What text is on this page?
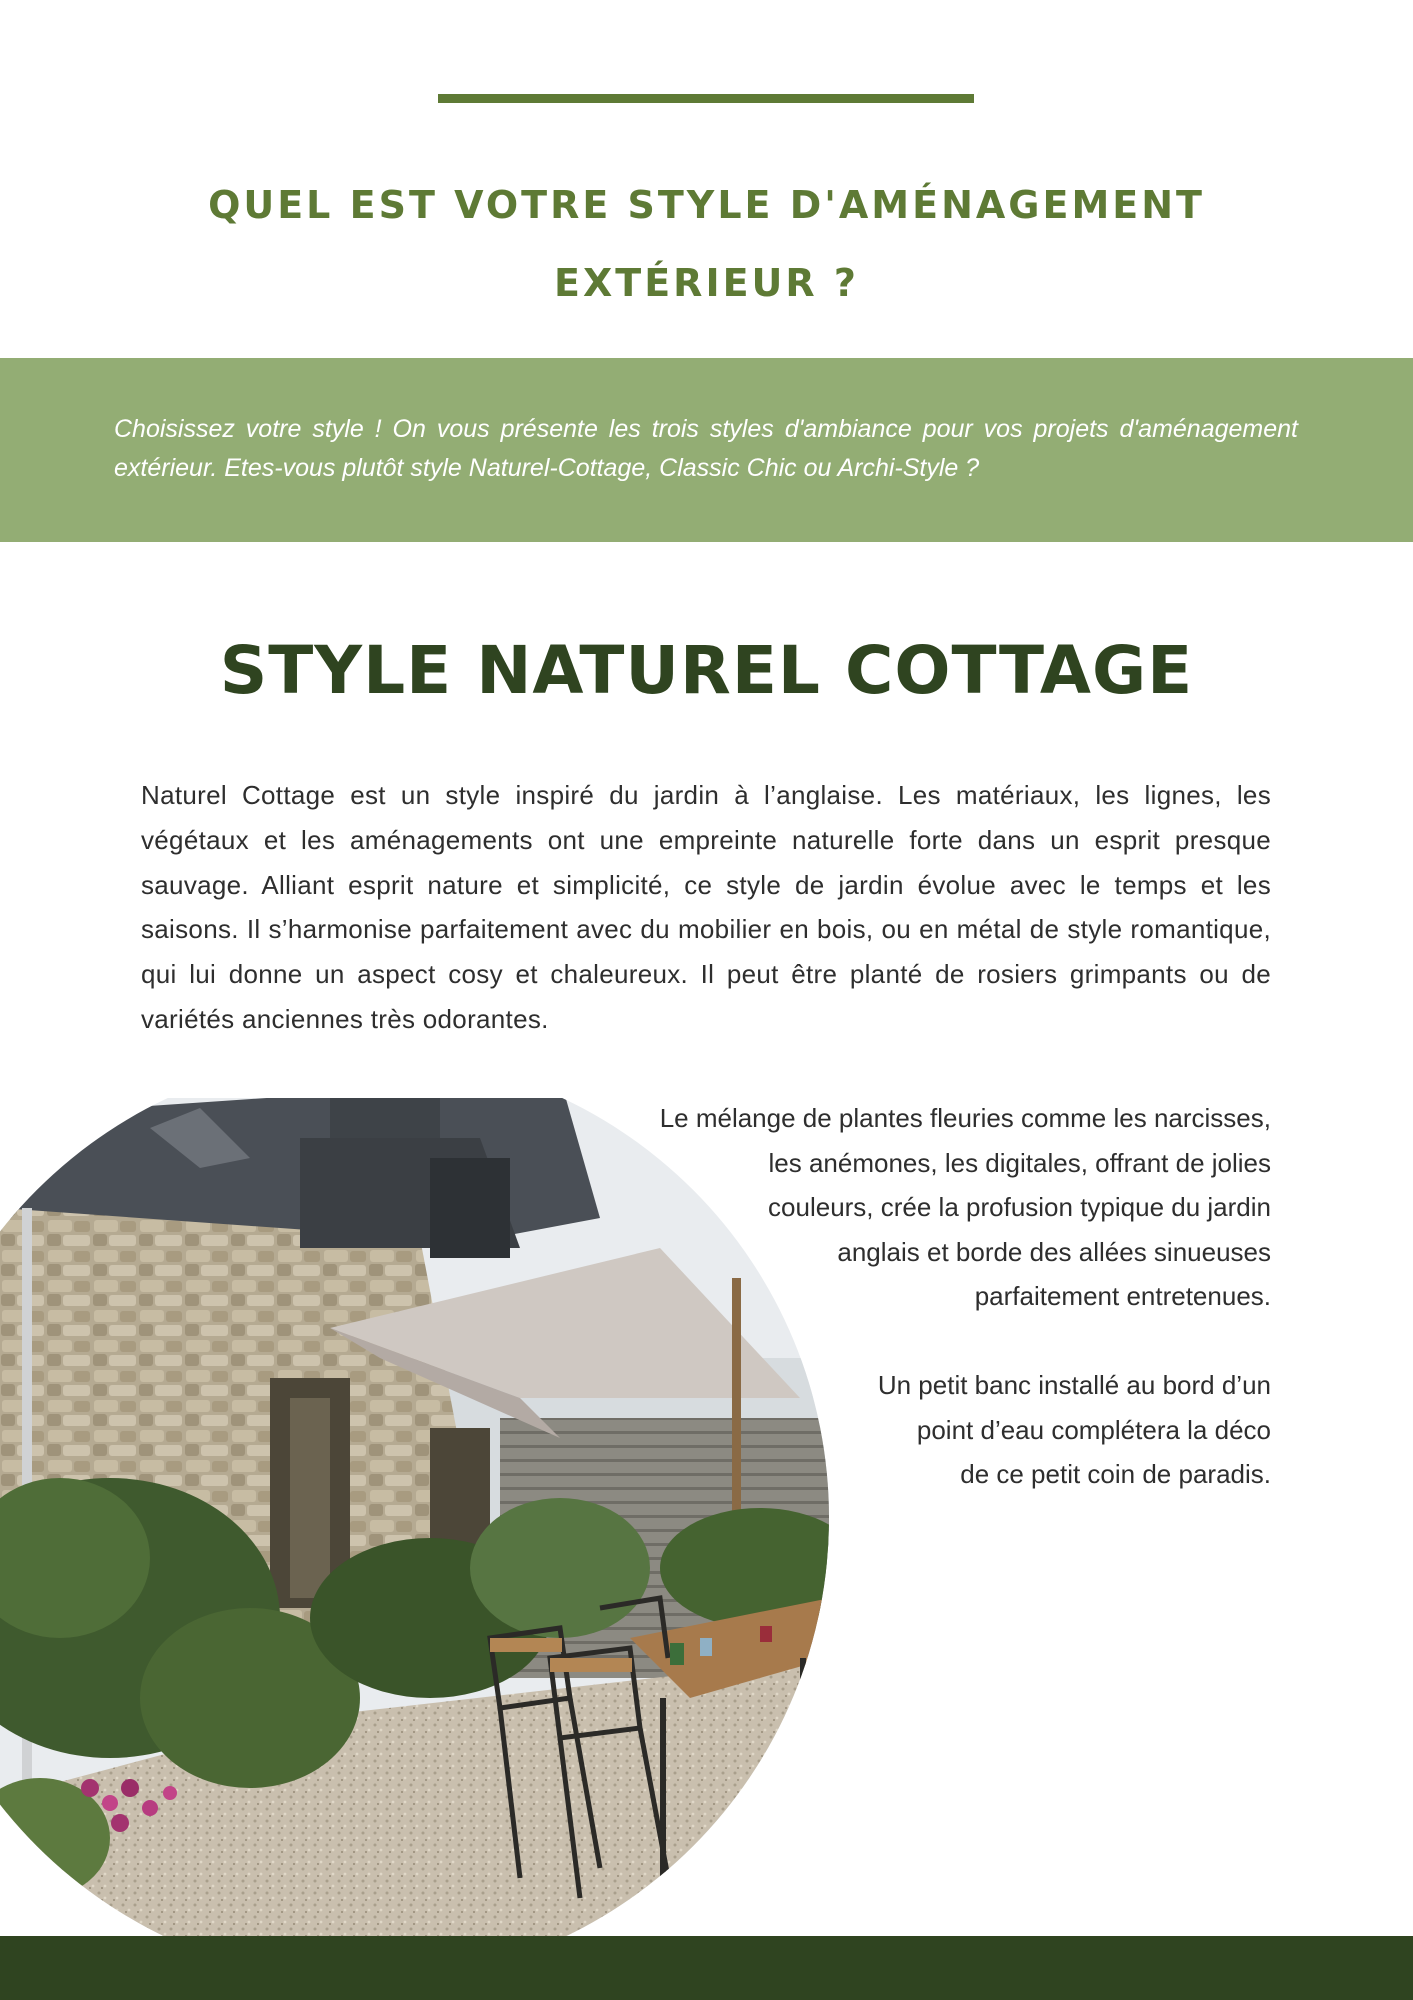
QUEL EST VOTRE STYLE D'AMÉNAGEMENT
EXTÉRIEUR ?

Choisissez votre style ! On vous présente les trois styles d'ambiance pour vos projets d'aménagement extérieur. Etes-vous plutôt style Naturel-Cottage, Classic Chic ou Archi-Style ?

STYLE NATUREL COTTAGE

Naturel Cottage est un style inspiré du jardin à l’anglaise. Les matériaux, les lignes, les végétaux et les aménagements ont une empreinte naturelle forte dans un esprit presque sauvage. Alliant esprit nature et simplicité, ce style de jardin évolue avec le temps et les saisons. Il s’harmonise parfaitement avec du mobilier en bois, ou en métal de style romantique, qui lui donne un aspect cosy et chaleureux. Il peut être planté de rosiers grimpants ou de variétés anciennes très odorantes.

Le mélange de plantes fleuries comme les narcisses,
les anémones, les digitales, offrant de jolies
couleurs, crée la profusion typique du jardin
anglais et borde des allées sinueuses
parfaitement entretenues.
Un petit banc installé au bord d’un
point d’eau complétera la déco
de ce petit coin de paradis.
